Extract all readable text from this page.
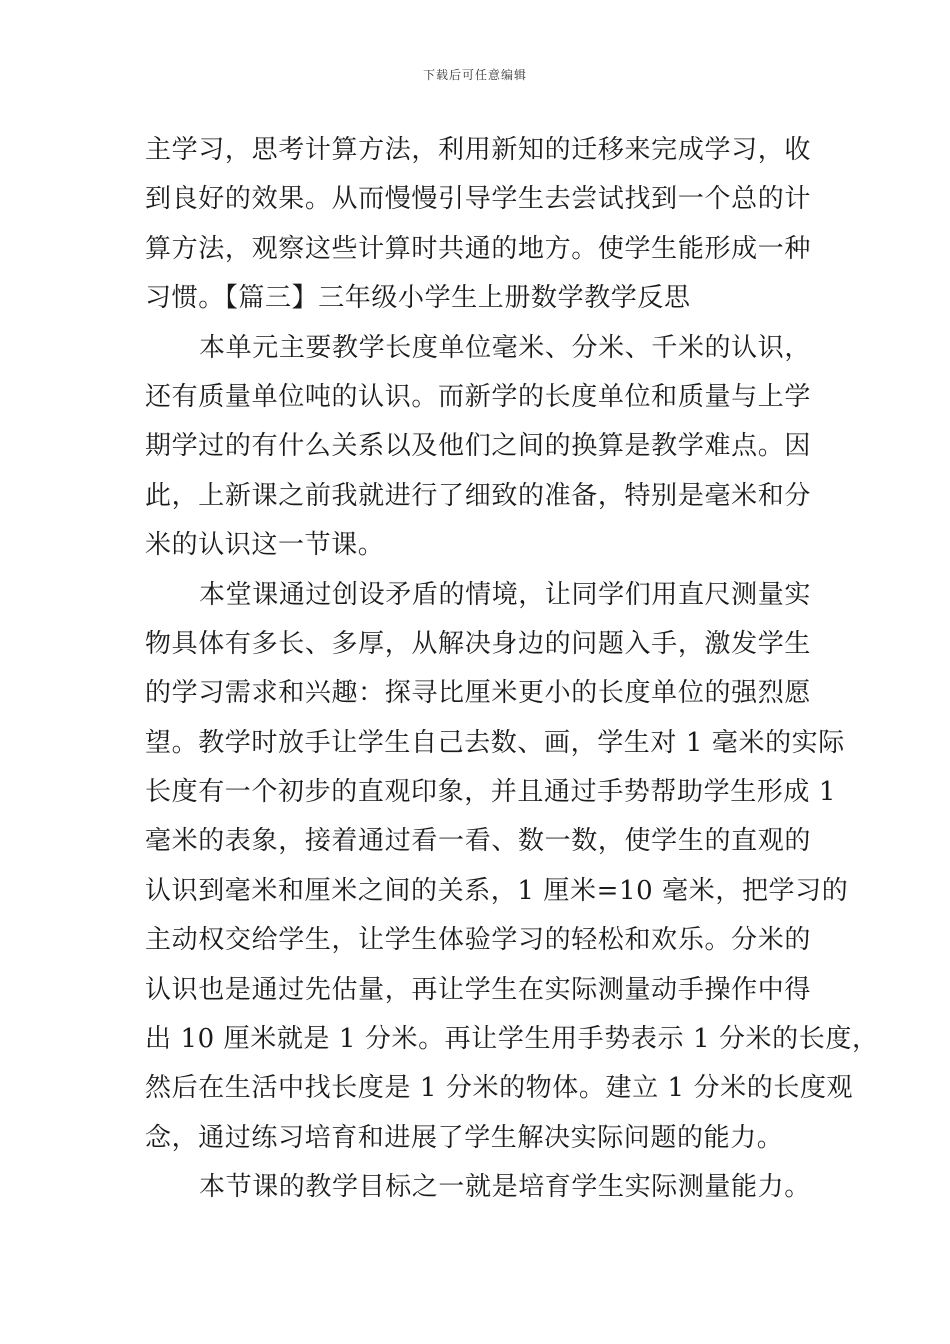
下载后可任意编辑
主学习，思考计算方法，利用新知的迁移来完成学习，收
到良好的效果。从而慢慢引导学生去尝试找到一个总的计
算方法，观察这些计算时共通的地方。使学生能形成一种
习惯。【篇三】三年级小学生上册数学教学反思
本单元主要教学长度单位毫米、分米、千米的认识，
还有质量单位吨的认识。而新学的长度单位和质量与上学
期学过的有什么关系以及他们之间的换算是教学难点。因
此，上新课之前我就进行了细致的准备，特别是毫米和分
米的认识这一节课。
本堂课通过创设矛盾的情境，让同学们用直尺测量实
物具体有多长、多厚，从解决身边的问题入手，激发学生
的学习需求和兴趣：探寻比厘米更小的长度单位的强烈愿
望。教学时放手让学生自己去数、画，学生对 1 毫米的实际
长度有一个初步的直观印象，并且通过手势帮助学生形成 1
毫米的表象，接着通过看一看、数一数，使学生的直观的
认识到毫米和厘米之间的关系，1 厘米=10 毫米，把学习的
主动权交给学生，让学生体验学习的轻松和欢乐。分米的
认识也是通过先估量，再让学生在实际测量动手操作中得
出 10 厘米就是 1 分米。再让学生用手势表示 1 分米的长度，
然后在生活中找长度是 1 分米的物体。建立 1 分米的长度观
念，通过练习培育和进展了学生解决实际问题的能力。
本节课的教学目标之一就是培育学生实际测量能力。
